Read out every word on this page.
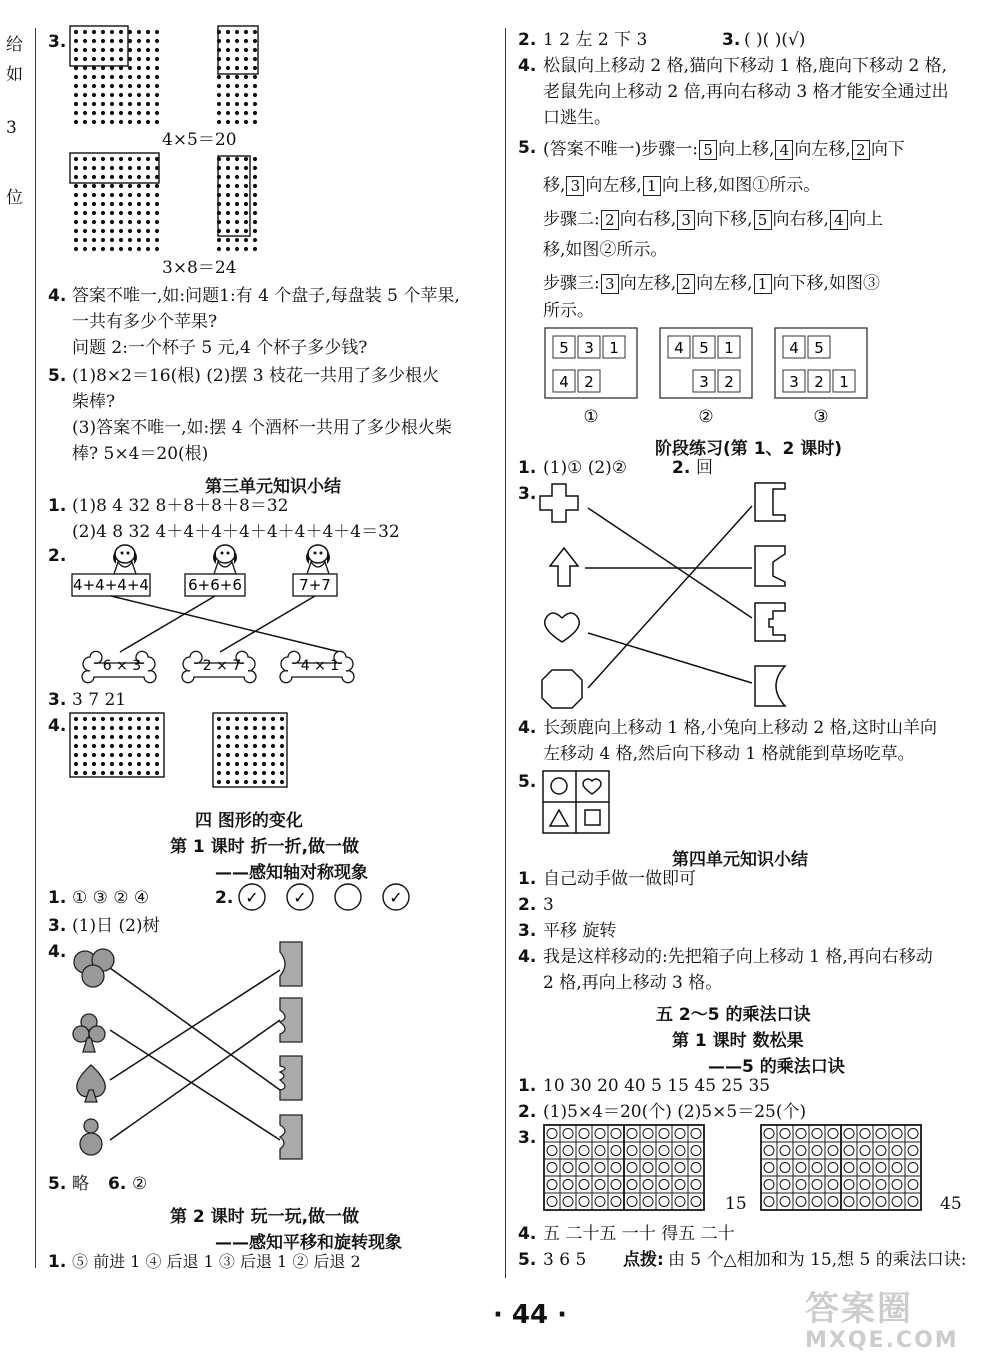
给
如
3
位
3.
4×5＝20
3×8＝24
4. 答案不唯一,如:问题1:有 4 个盘子,每盘装 5 个苹果,
一共有多少个苹果?
问题 2:一个杯子 5 元,4 个杯子多少钱?
5. (1)8×2＝16(根) (2)摆 3 枝花一共用了多少根火
柴棒?
(3)答案不唯一,如:摆 4 个酒杯一共用了多少根火柴
棒? 5×4＝20(根)
第三单元知识小结
1. (1)8 4 32 8＋8＋8＋8＝32
(2)4 8 32 4＋4＋4＋4＋4＋4＋4＋4＝32
2.
4+4+4+4	6+6+6	7+7
6 × 3	2 × 7	4 × 1
3. 3 7 21
4.
四 图形的变化
第 1 课时 折一折,做一做
——感知轴对称现象
1. ① ③ ② ④	2. ✓ ✓	✓
3. (1)日 (2)树
4.
5. 略 6. ②
第 2 课时 玩一玩,做一做
——感知平移和旋转现象
1. ⑤ 前进 1 ④ 后退 1 ③ 后退 1 ② 后退 2
2. 1 2 左 2 下 3	3. ( )( )(√)
4. 松鼠向上移动 2 格,猫向下移动 1 格,鹿向下移动 2 格,
老鼠先向上移动 2 倍,再向右移动 3 格才能安全通过出
口逃生。
5. (答案不唯一)步骤一: 5 向上移, 4 向左移, 2 向下
移, 3 向左移, 1 向上移,如图①所示。
步骤二: 2 向右移, 3 向下移, 5 向右移, 4 向上
移,如图②所示。
步骤三: 3 向左移, 2 向左移, 1 向下移,如图③
所示。
5 3 1
4 2
①
4 5 1
3 2
②
4 5
3 2 1
③
阶段练习(第 1、2 课时)
1. (1)① (2)②	2. 回
3.
4. 长颈鹿向上移动 1 格,小兔向上移动 2 格,这时山羊向
左移动 4 格,然后向下移动 1 格就能到草场吃草。
5.
第四单元知识小结
1. 自己动手做一做即可
2. 3
3. 平移 旋转
4. 我是这样移动的:先把箱子向上移动 1 格,再向右移动
2 格,再向上移动 3 格。
五 2～5 的乘法口诀
第 1 课时 数松果
——5 的乘法口诀
1. 10 30 20 40 5 15 45 25 35
2. (1)5×4＝20(个) (2)5×5＝25(个)
3.
15	45
4. 五 二十五 一十 得五 二十
5. 3 6 5 点拨: 由 5 个△相加和为 15,想 5 的乘法口诀:
· 44 ·	答案圈
MXQE.COM
